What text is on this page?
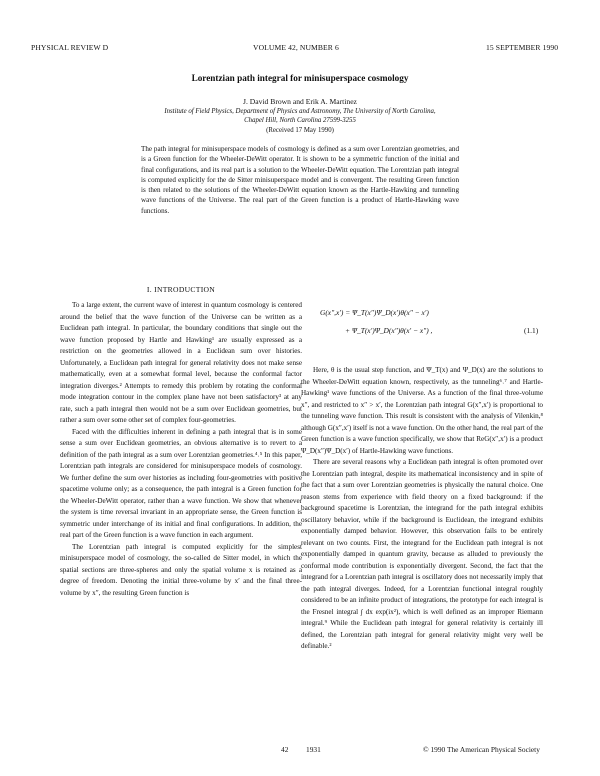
PHYSICAL REVIEW D	VOLUME 42, NUMBER 6	15 SEPTEMBER 1990
Lorentzian path integral for minisuperspace cosmology
J. David Brown and Erik A. Martinez
Institute of Field Physics, Department of Physics and Astronomy, The University of North Carolina,
Chapel Hill, North Carolina 27599-3255
(Received 17 May 1990)
The path integral for minisuperspace models of cosmology is defined as a sum over Lorentzian geometries, and is a Green function for the Wheeler-DeWitt operator. It is shown to be a symmetric function of the initial and final configurations, and its real part is a solution to the Wheeler-DeWitt equation. The Lorentzian path integral is computed explicitly for the de Sitter minisuperspace model and is convergent. The resulting Green function is then related to the solutions of the Wheeler-DeWitt equation known as the Hartle-Hawking and tunneling wave functions of the Universe. The real part of the Green function is a product of Hartle-Hawking wave functions.
I. INTRODUCTION

To a large extent, the current wave of interest in quantum cosmology is centered around the belief that the wave function of the Universe can be written as a Euclidean path integral. In particular, the boundary conditions that single out the wave function proposed by Hartle and Hawking¹ are usually expressed as a restriction on the geometries allowed in a Euclidean sum over histories. Unfortunately, a Euclidean path integral for general relativity does not make sense mathematically, even at a somewhat formal level, because the conformal factor integration diverges.² Attempts to remedy this problem by rotating the conformal mode integration contour in the complex plane have not been satisfactory³ at any rate, such a path integral then would not be a sum over Euclidean geometries, but rather a sum over some other set of complex four-geometries.

Faced with the difficulties inherent in defining a path integral that is in some sense a sum over Euclidean geometries, an obvious alternative is to revert to a definition of the path integral as a sum over Lorentzian geometries.⁴˒⁵ In this paper, Lorentzian path integrals are considered for minisuperspace models of cosmology. We further define the sum over histories as including four-geometries with positive spacetime volume only; as a consequence, the path integral is a Green function for the Wheeler-DeWitt operator, rather than a wave function. We show that whenever the system is time reversal invariant in an appropriate sense, the Green function is symmetric under interchange of its initial and final configurations. In addition, the real part of the Green function is a wave function in each argument.

The Lorentzian path integral is computed explicitly for the simplest minisuperspace model of cosmology, the so-called de Sitter model, in which the spatial sections are three-spheres and only the spatial volume x is retained as a degree of freedom. Denoting the initial three-volume by x′ and the final three-volume by x″, the resulting Green function is

G(x″,x′) = Ψ_T(x″)Ψ_D(x′)θ(x″ − x′)
+ Ψ_T(x′)Ψ_D(x″)θ(x′ − x″) ,	(1.1)

Here, θ is the usual step function, and Ψ_T(x) and Ψ_D(x) are the solutions to the Wheeler-DeWitt equation known, respectively, as the tunneling⁶˒⁷ and Hartle-Hawking¹ wave functions of the Universe. As a function of the final three-volume x″, and restricted to x″ > x′, the Lorentzian path integral G(x″,x′) is proportional to the tunneling wave function. This result is consistent with the analysis of Vilenkin,⁸ although G(x″,x′) itself is not a wave function. On the other hand, the real part of the Green function is a wave function specifically, we show that ReG(x″,x′) is a product Ψ_D(x″)Ψ_D(x′) of Hartle-Hawking wave functions.

There are several reasons why a Euclidean path integral is often promoted over the Lorentzian path integral, despite its mathematical inconsistency and in spite of the fact that a sum over Lorentzian geometries is physically the natural choice. One reason stems from experience with field theory on a fixed background: if the background spacetime is Lorentzian, the integrand for the path integral exhibits oscillatory behavior, while if the background is Euclidean, the integrand exhibits exponentially damped behavior. However, this observation fails to be entirely relevant on two counts. First, the integrand for the Euclidean path integral is not exponentially damped in quantum gravity, because as alluded to previously the conformal mode contribution is exponentially divergent. Second, the fact that the integrand for a Lorentzian path integral is oscillatory does not necessarily imply that the path integral diverges. Indeed, for a Lorentzian functional integral roughly considered to be an infinite product of integrations, the prototype for each integral is the Fresnel integral ∫ dx exp(ix²), which is well defined as an improper Riemann integral.⁹ While the Euclidean path integral for general relativity is certainly ill defined, the Lorentzian path integral for general relativity might very well be definable.²

42 1931	© 1990 The American Physical Society
